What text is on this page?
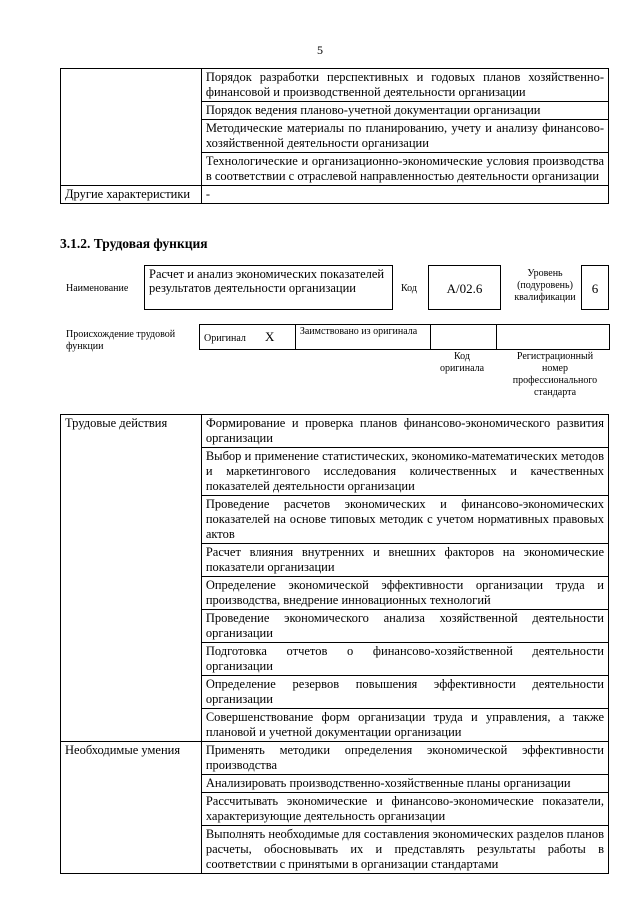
5
	Порядок разработки перспективных и годовых планов хозяйственно-финансовой и производственной деятельности организации
	Порядок ведения планово-учетной документации организации
	Методические материалы по планированию, учету и анализу финансово-хозяйственной деятельности организации
	Технологические и организационно-экономические условия производства в соответствии с отраслевой направленностью деятельности организации
Другие характеристики	-
3.1.2. Трудовая функция
Наименование
Расчет и анализ экономических показателей результатов деятельности организации	Код	А/02.6
Уровень (подуровень) квалификации
6
Происхождение трудовой функции
Оригинал Х	Заимствовано из оригинала		
Код оригинала
Регистрационный номер профессионального стандарта
Трудовые действия	Формирование и проверка планов финансово-экономического развития организации
	Выбор и применение статистических, экономико-математических методов и маркетингового исследования количественных и качественных показателей деятельности организации
	Проведение расчетов экономических и финансово-экономических показателей на основе типовых методик с учетом нормативных правовых актов
	Расчет влияния внутренних и внешних факторов на экономические показатели организации
	Определение экономической эффективности организации труда и производства, внедрение инновационных технологий
	Проведение экономического анализа хозяйственной деятельности организации
	Подготовка отчетов о финансово-хозяйственной деятельности организации
	Определение резервов повышения эффективности деятельности организации
	Совершенствование форм организации труда и управления, а также плановой и учетной документации организации
Необходимые умения	Применять методики определения экономической эффективности производства
	Анализировать производственно-хозяйственные планы организации
	Рассчитывать экономические и финансово-экономические показатели, характеризующие деятельность организации
	Выполнять необходимые для составления экономических разделов планов расчеты, обосновывать их и представлять результаты работы в соответствии с принятыми в организации стандартами
